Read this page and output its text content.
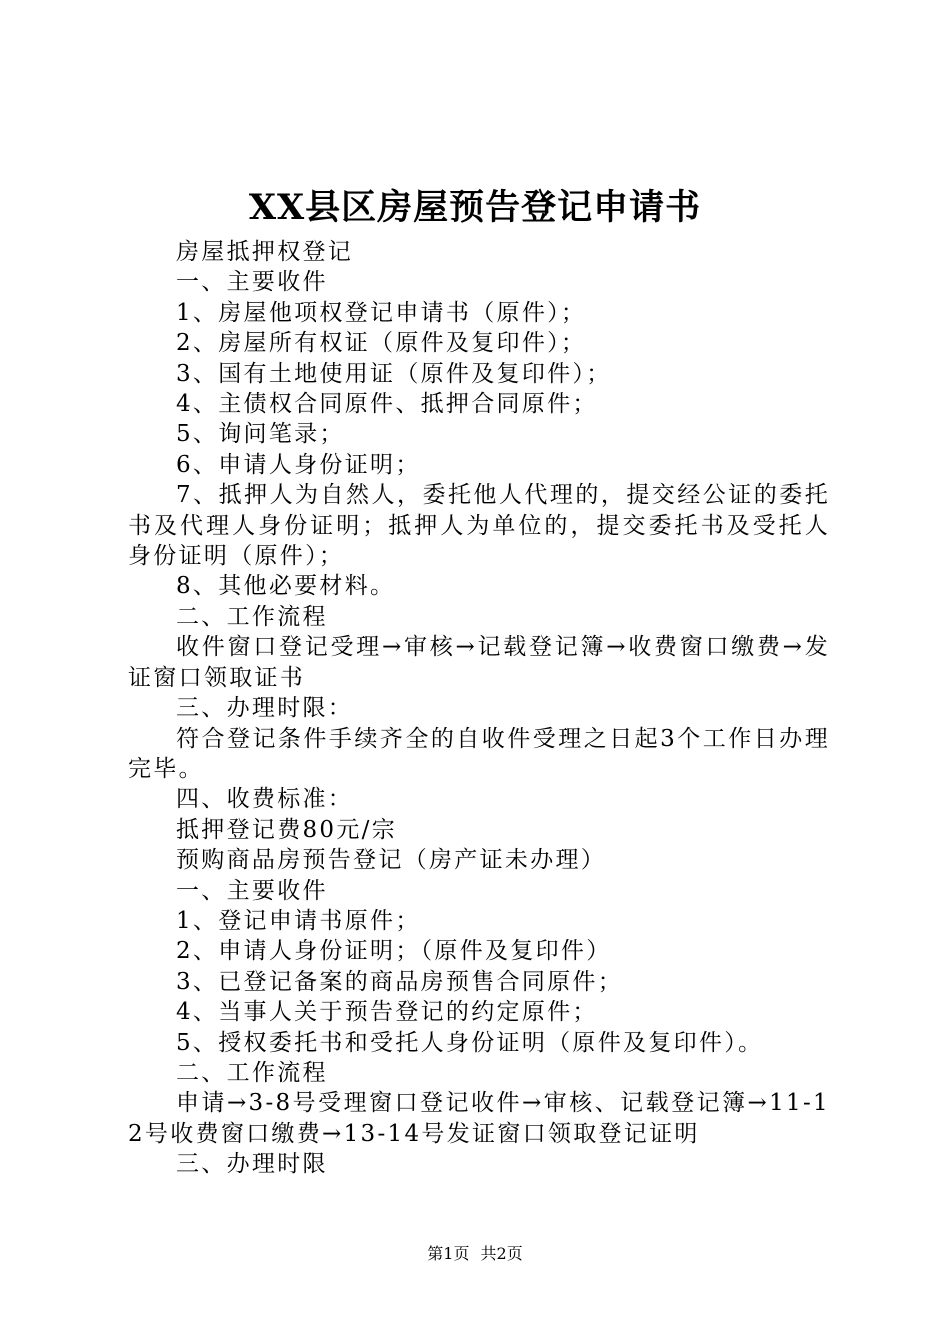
XX县区房屋预告登记申请书

房屋抵押权登记

一、主要收件

1、房屋他项权登记申请书（原件）；

2、房屋所有权证（原件及复印件）；

3、国有土地使用证（原件及复印件）；

4、主债权合同原件、抵押合同原件；

5、询问笔录；

6、申请人身份证明；

7、抵押人为自然人，委托他人代理的，提交经公证的委托书及代理人身份证明；抵押人为单位的，提交委托书及受托人身份证明（原件）；

8、其他必要材料。

二、工作流程

收件窗口登记受理→审核→记载登记簿→收费窗口缴费→发证窗口领取证书

三、办理时限：

符合登记条件手续齐全的自收件受理之日起3个工作日办理完毕。

四、收费标准：

抵押登记费80元/宗

预购商品房预告登记（房产证未办理）

一、主要收件

1、登记申请书原件；

2、申请人身份证明；（原件及复印件）

3、已登记备案的商品房预售合同原件；

4、当事人关于预告登记的约定原件；

5、授权委托书和受托人身份证明（原件及复印件）。

二、工作流程

申请→3-8号受理窗口登记收件→审核、记载登记簿→11-12号收费窗口缴费→13-14号发证窗口领取登记证明

三、办理时限

第1页 共2页
